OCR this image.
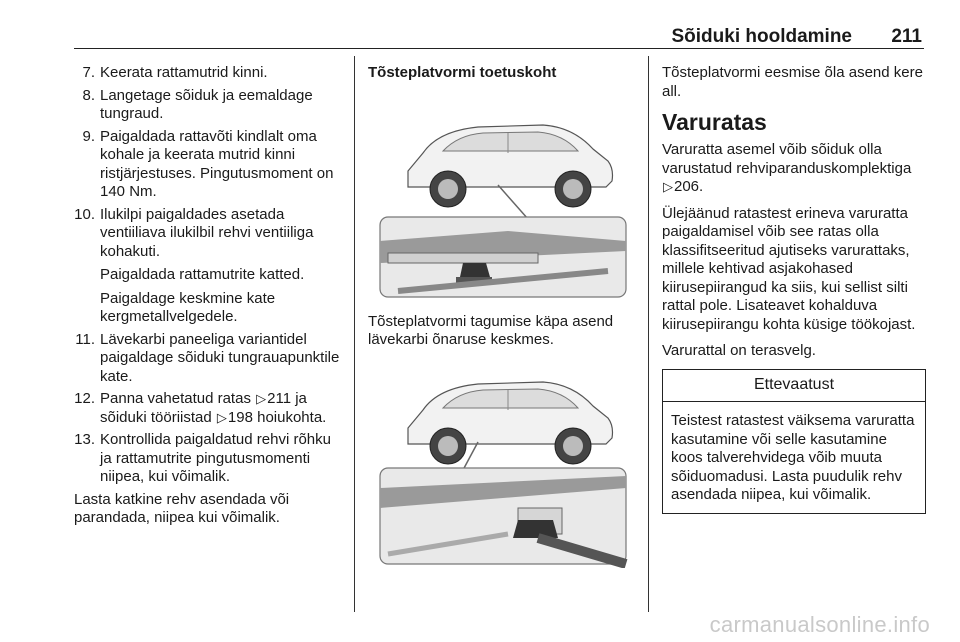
Sõiduki hooldamine 211
7. Keerata rattamutrid kinni.
8. Langetage sõiduk ja eemaldage tungraud.
9. Paigaldada rattavõti kindlalt oma kohale ja keerata mutrid kinni ristjärjestuses. Pingutusmoment on 140 Nm.
10. Ilukilpi paigaldades asetada ventiiliava ilukilbil rehvi ventiiliga kohakuti.
Paigaldada rattamutrite katted.
Paigaldage keskmine kate kergmetallvelgedele.
11. Lävekarbi paneeliga variantidel paigaldage sõiduki tungrauapunktile kate.
12. Panna vahetatud ratas ▷211 ja sõiduki tööriistad ▷198 hoiukohta.
13. Kontrollida paigaldatud rehvi rõhku ja rattamutrite pingutusmomenti niipea, kui võimalik.

Lasta katkine rehv asendada või parandada, niipea kui võimalik.

Tõsteplatvormi toetuskoht

Tõsteplatvormi tagumise käpa asend lävekarbi õnaruse keskmes.

Tõsteplatvormi eesmise õla asend kere all.

Varuratas

Varuratta asemel võib sõiduk olla varustatud rehviparanduskomplektiga ▷206.

Ülejäänud ratastest erineva varuratta paigaldamisel võib see ratas olla klassifitseeritud ajutiseks varurattaks, millele kehtivad asjakohased kiirusepiirangud ka siis, kui sellist silti rattal pole. Lisateavet kohalduva kiirusepiirangu kohta küsige töökojast.

Varurattal on terasvelg.

Ettevaatust
Teistest ratastest väiksema varuratta kasutamine või selle kasutamine koos talverehvidega võib muuta sõiduomadusi. Lasta puudulik rehv asendada niipea, kui võimalik.
carmanualsonline.info
